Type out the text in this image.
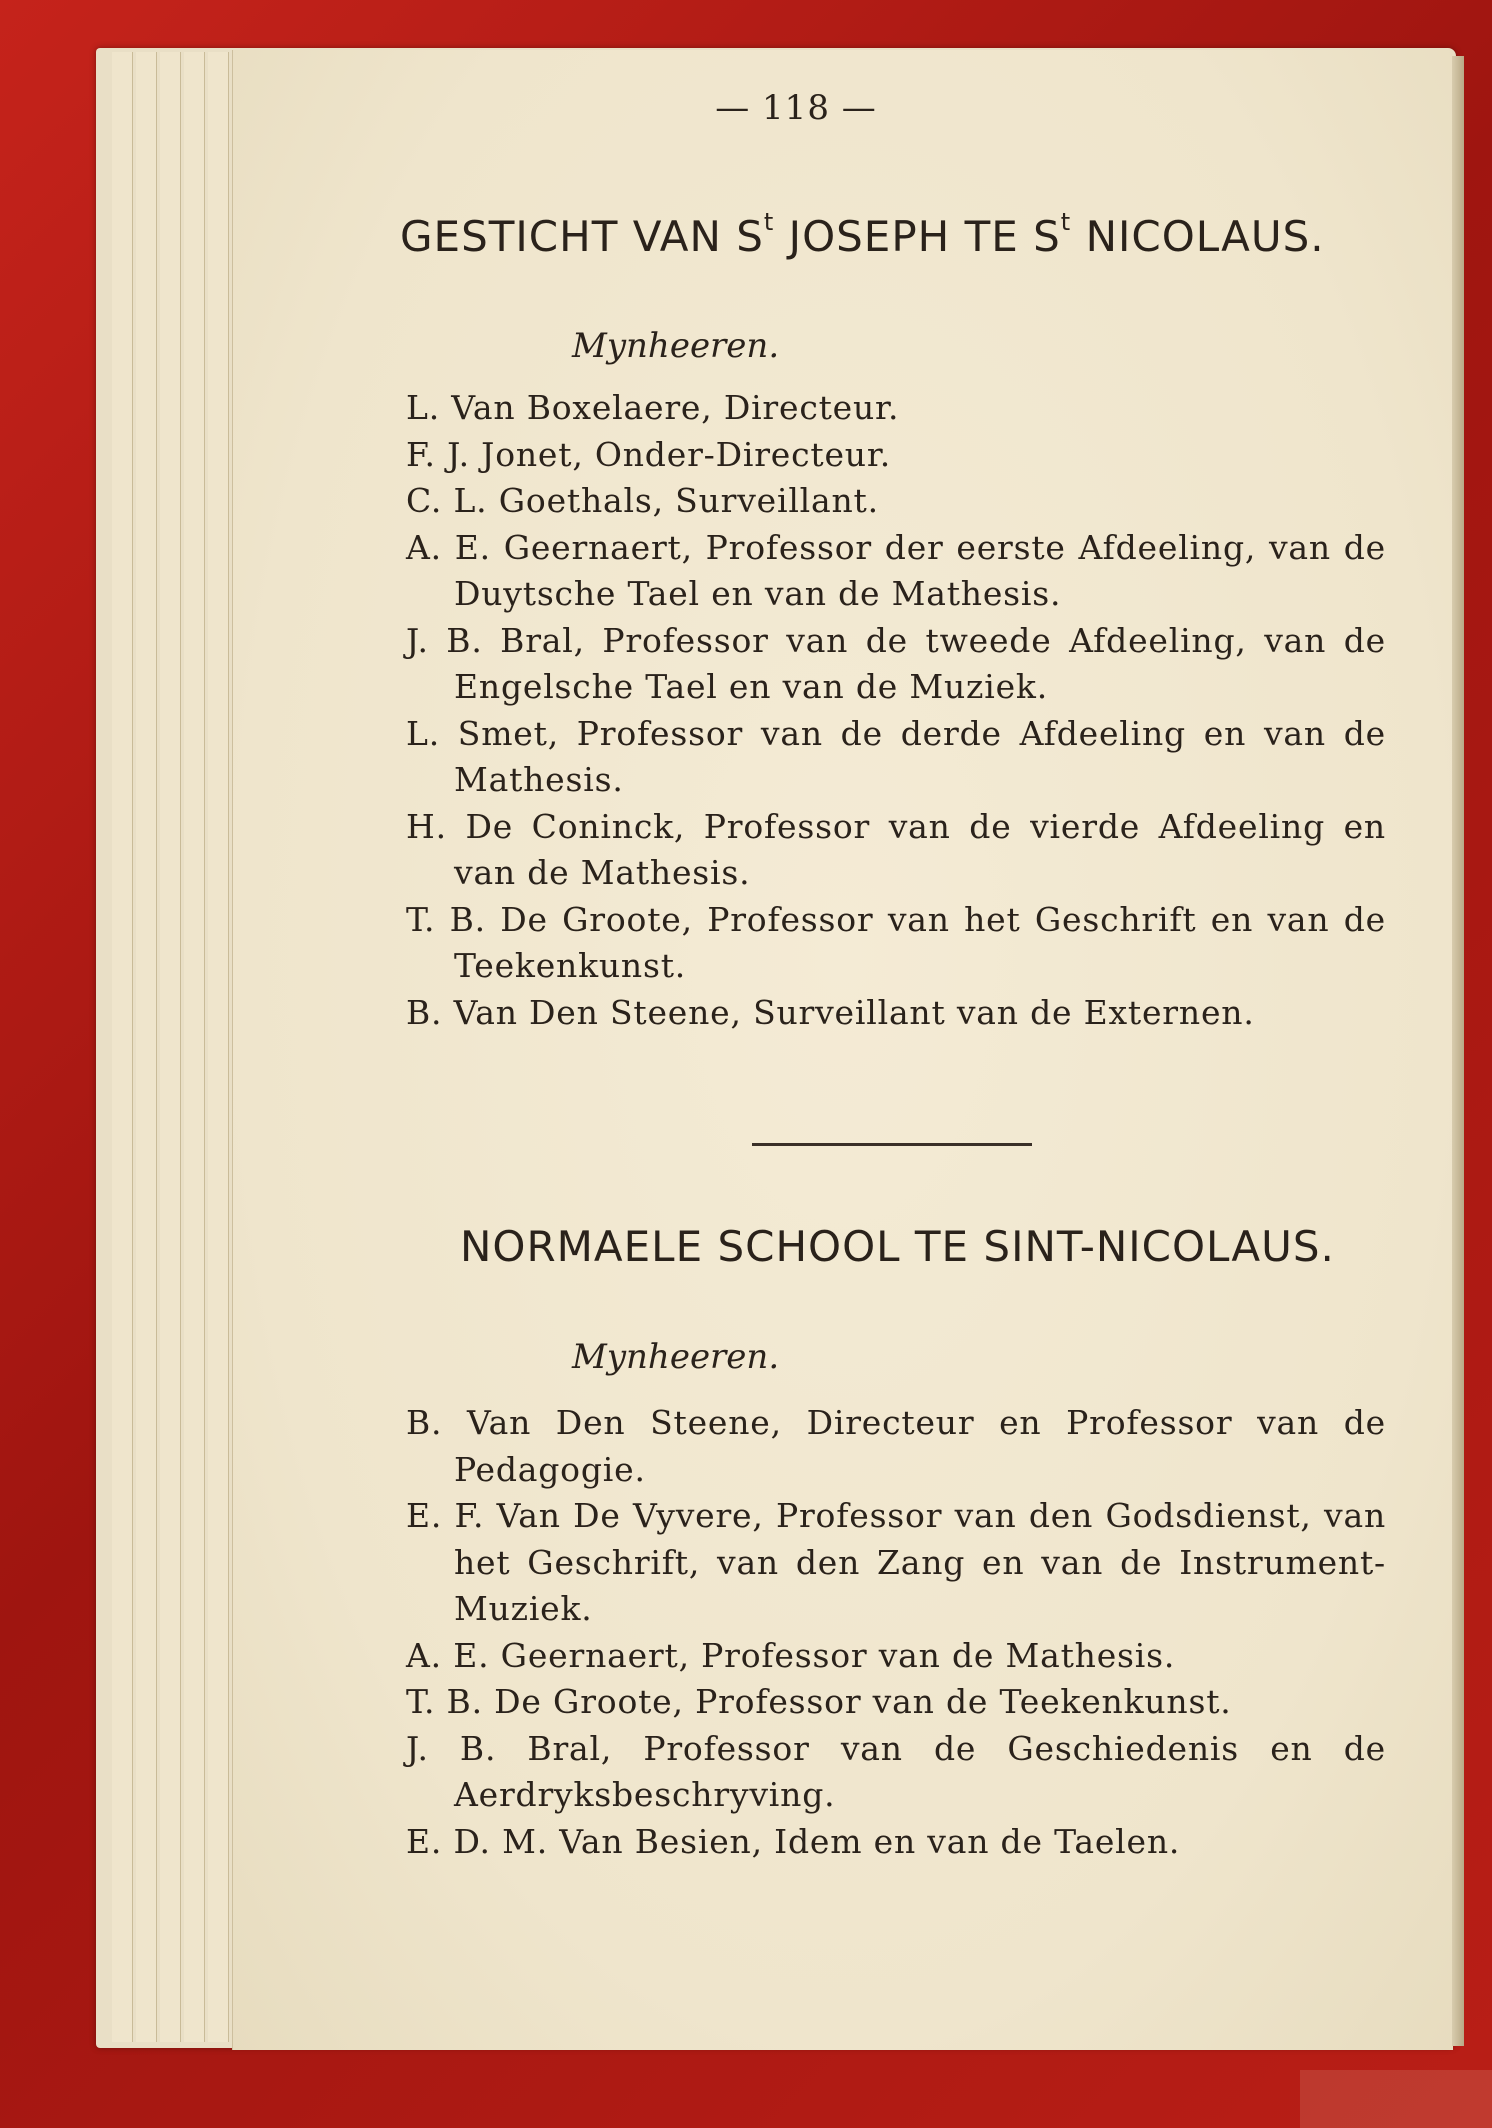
— 118 —
GESTICHT VAN $S^t$ JOSEPH TE $S^t$ NICOLAUS.
Mynheeren.
L. Van Boxelaere, Directeur.
F. J. Jonet, Onder-Directeur.
C. L. Goethals, Surveillant.
A. E. Geernaert, Professor der eerste Afdeeling, van de Duytsche Tael en van de Mathesis.
J. B. Bral, Professor van de tweede Afdeeling, van de Engelsche Tael en van de Muziek.
L. Smet, Professor van de derde Afdeeling en van de Mathesis.
H. De Coninck, Professor van de vierde Afdeeling en van de Mathesis.
T. B. De Groote, Professor van het Geschrift en van de Teekenkunst.
B. Van Den Steene, Surveillant van de Externen.
NORMAELE SCHOOL TE SINT-NICOLAUS.
Mynheeren.
B. Van Den Steene, Directeur en Professor van de Pedagogie.
E. F. Van De Vyvere, Professor van den Godsdienst, van het Geschrift, van den Zang en van de Instrument-Muziek.
A. E. Geernaert, Professor van de Mathesis.
T. B. De Groote, Professor van de Teekenkunst.
J. B. Bral, Professor van de Geschiedenis en de Aerdryksbeschryving.
E. D. M. Van Besien, Idem en van de Taelen.
